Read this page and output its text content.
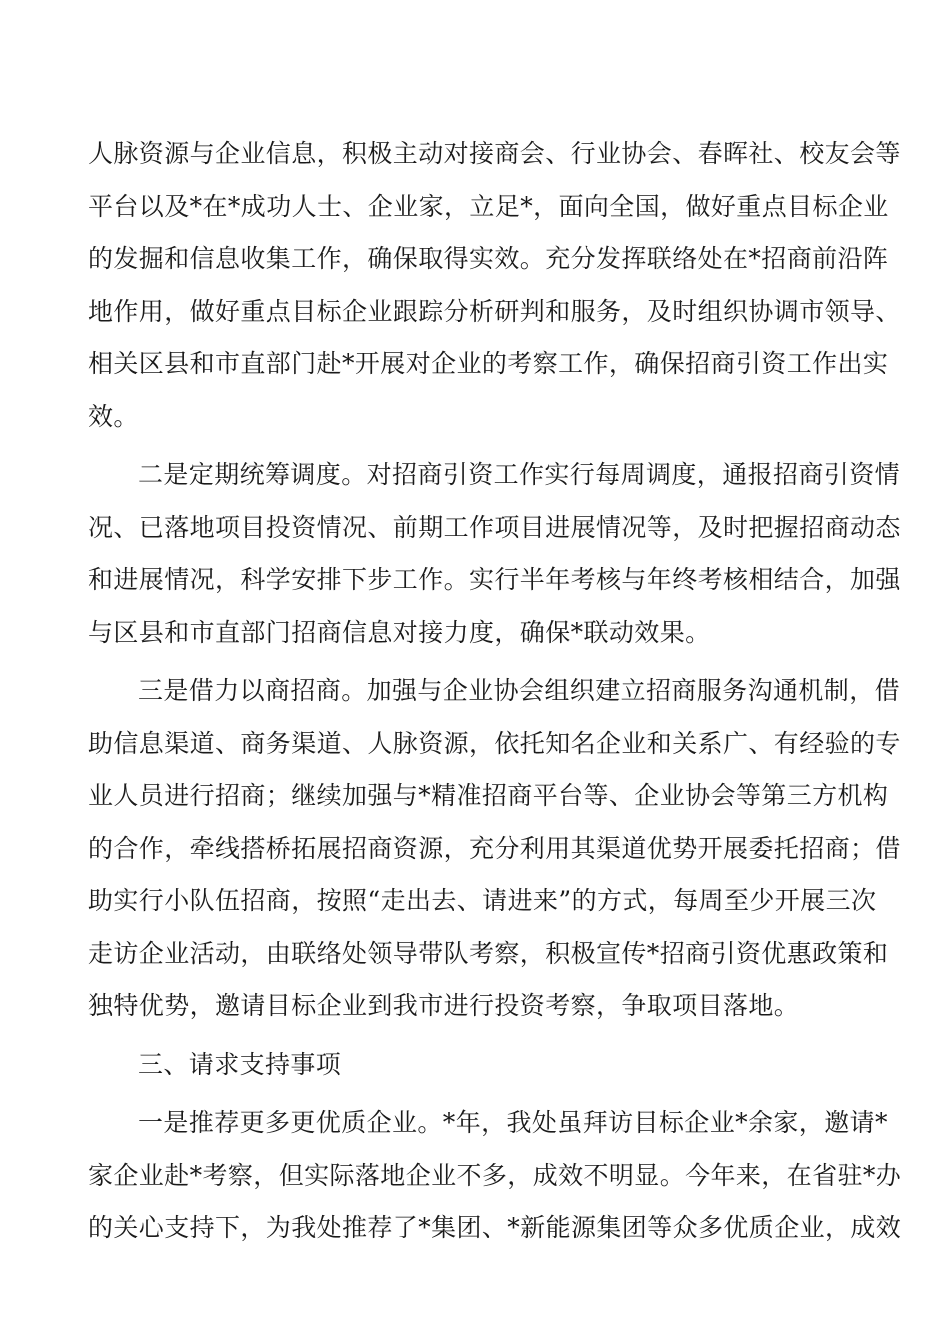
人脉资源与企业信息，积极主动对接商会、行业协会、春晖社、校友会等
平台以及*在*成功人士、企业家，立足*，面向全国，做好重点目标企业
的发掘和信息收集工作，确保取得实效。充分发挥联络处在*招商前沿阵
地作用，做好重点目标企业跟踪分析研判和服务，及时组织协调市领导、
相关区县和市直部门赴*开展对企业的考察工作，确保招商引资工作出实
效。
二是定期统筹调度。对招商引资工作实行每周调度，通报招商引资情
况、已落地项目投资情况、前期工作项目进展情况等，及时把握招商动态
和进展情况，科学安排下步工作。实行半年考核与年终考核相结合，加强
与区县和市直部门招商信息对接力度，确保*联动效果。
三是借力以商招商。加强与企业协会组织建立招商服务沟通机制，借
助信息渠道、商务渠道、人脉资源，依托知名企业和关系广、有经验的专
业人员进行招商；继续加强与*精准招商平台等、企业协会等第三方机构
的合作，牵线搭桥拓展招商资源，充分利用其渠道优势开展委托招商；借
助实行小队伍招商，按照“走出去、请进来”的方式，每周至少开展三次
走访企业活动，由联络处领导带队考察，积极宣传*招商引资优惠政策和
独特优势，邀请目标企业到我市进行投资考察，争取项目落地。
三、请求支持事项
一是推荐更多更优质企业。*年，我处虽拜访目标企业*余家，邀请*
家企业赴*考察，但实际落地企业不多，成效不明显。今年来，在省驻*办
的关心支持下，为我处推荐了*集团、*新能源集团等众多优质企业，成效
